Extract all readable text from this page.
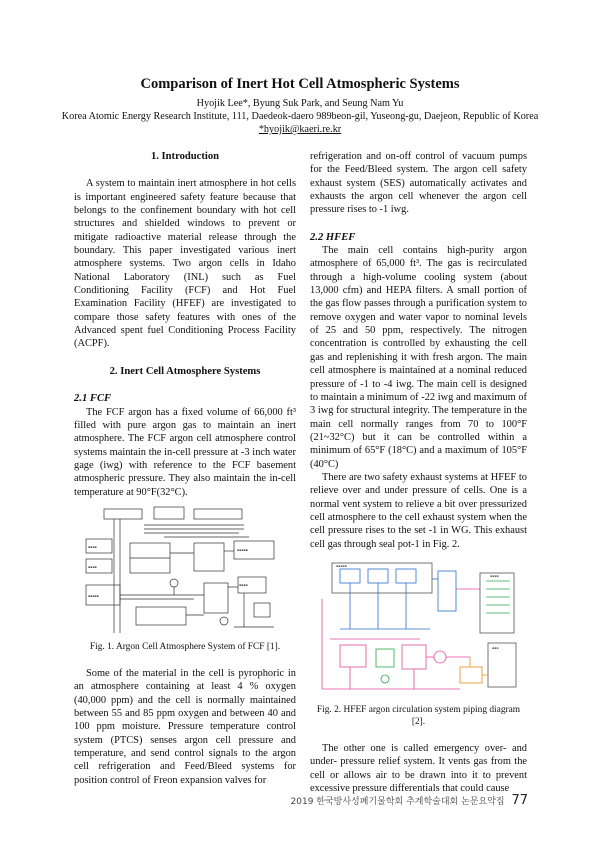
Comparison of Inert Hot Cell Atmospheric Systems
Hyojik Lee*, Byung Suk Park, and Seung Nam Yu
Korea Atomic Energy Research Institute, 111, Daedeok-daero 989beon-gil, Yuseong-gu, Daejeon, Republic of Korea
*hyojik@kaeri.re.kr
1. Introduction

A system to maintain inert atmosphere in hot cells is important engineered safety feature because that belongs to the confinement boundary with hot cell structures and shielded windows to prevent or mitigate radioactive material release through the boundary. This paper investigated various inert atmosphere systems. Two argon cells in Idaho National Laboratory (INL) such as Fuel Conditioning Facility (FCF) and Hot Fuel Examination Facility (HFEF) are investigated to compare those safety features with ones of the Advanced spent fuel Conditioning Process Facility (ACPF).

2. Inert Cell Atmosphere Systems
2.1 FCF

The FCF argon has a fixed volume of 66,000 ft³ filled with pure argon gas to maintain an inert atmosphere. The FCF argon cell atmosphere control systems maintain the in-cell pressure at -3 inch water gage (iwg) with reference to the FCF basement atmospheric pressure. They also maintain the in-cell temperature at 90°F(32°C).

▪▪▪▪
▪▪▪▪
▪▪▪▪▪
▪▪▪▪▪
▪▪▪▪
Fig. 1. Argon Cell Atmosphere System of FCF [1].

Some of the material in the cell is pyrophoric in an atmosphere containing at least 4 % oxygen (40,000 ppm) and the cell is normally maintained between 55 and 85 ppm oxygen and between 40 and 100 ppm moisture. Pressure temperature control system (PTCS) senses argon cell pressure and temperature, and send control signals to the argon cell refrigeration and Feed/Bleed systems for position control of Freon expansion valves for

refrigeration and on-off control of vacuum pumps for the Feed/Bleed system. The argon cell safety exhaust system (SES) automatically activates and exhausts the argon cell whenever the argon cell pressure rises to -1 iwg.

2.2 HFEF

The main cell contains high-purity argon atmosphere of 65,000 ft³. The gas is recirculated through a high-volume cooling system (about 13,000 cfm) and HEPA filters. A small portion of the gas flow passes through a purification system to remove oxygen and water vapor to nominal levels of 25 and 50 ppm, respectively. The nitrogen concentration is controlled by exhausting the cell gas and replenishing it with fresh argon. The main cell atmosphere is maintained at a nominal reduced pressure of -1 to -4 iwg. The main cell is designed to maintain a minimum of -22 iwg and maximum of 3 iwg for structural integrity. The temperature in the main cell normally ranges from 70 to 100°F (21~32°C) but it can be controlled within a minimum of 65°F (18°C) and a maximum of 105°F (40°C)

There are two safety exhaust systems at HFEF to relieve over and under pressure of cells. One is a normal vent system to relieve a bit over pressurized cell atmosphere to the cell exhaust system when the cell pressure rises to the set -1 in WG. This exhaust cell gas through seal pot-1 in Fig. 2.

▪▪▪▪▪
▪▪▪▪
▪▪▪
Fig. 2. HFEF argon circulation system piping diagram [2].

The other one is called emergency over- and under- pressure relief system. It vents gas from the cell or allows air to be drawn into it to prevent excessive pressure differentials that could cause

2019 한국방사성폐기물학회 추계학술대회 논문요약집 77
